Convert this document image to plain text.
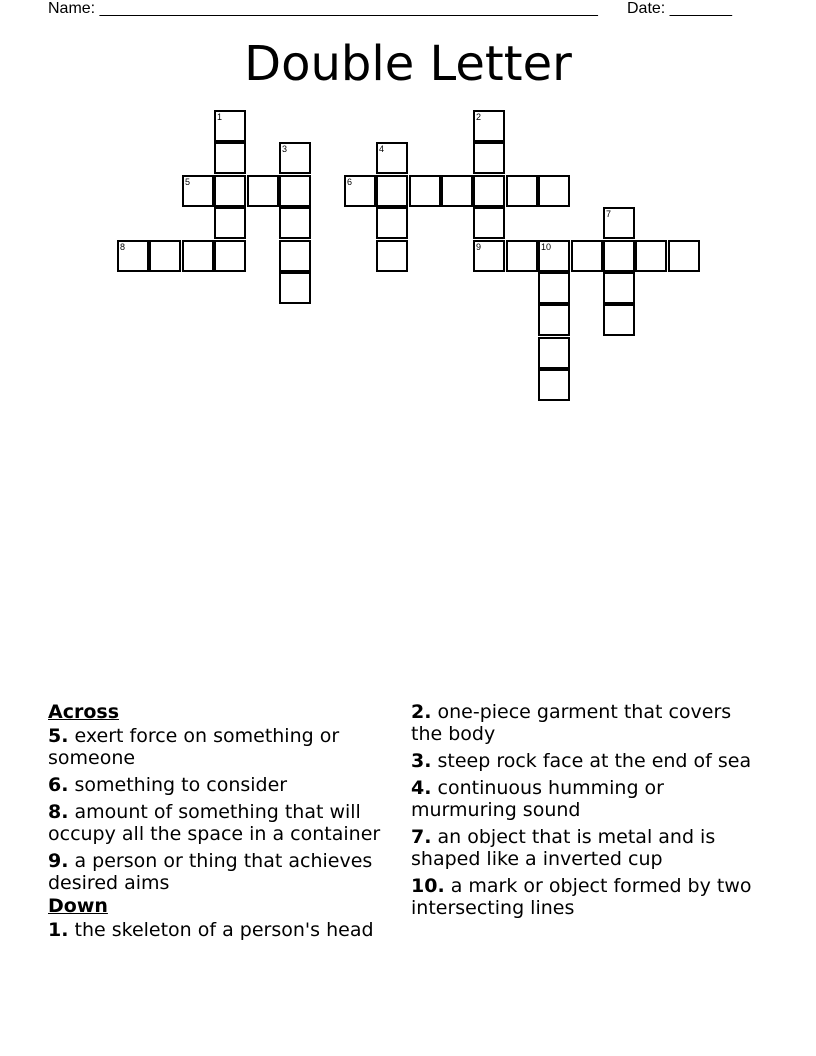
Name: ________________________________________________________ Date: _______
Double Letter
1	2
9
3	4
5	6
7
8	10
Across
5. exert force on something or someone
6. something to consider
8. amount of something that will occupy all the space in a container
9. a person or thing that achieves desired aims
Down
1. the skeleton of a person's head
2. one-piece garment that covers the body
3. steep rock face at the end of sea
4. continuous humming or murmuring sound
7. an object that is metal and is shaped like a inverted cup
10. a mark or object formed by two intersecting lines
